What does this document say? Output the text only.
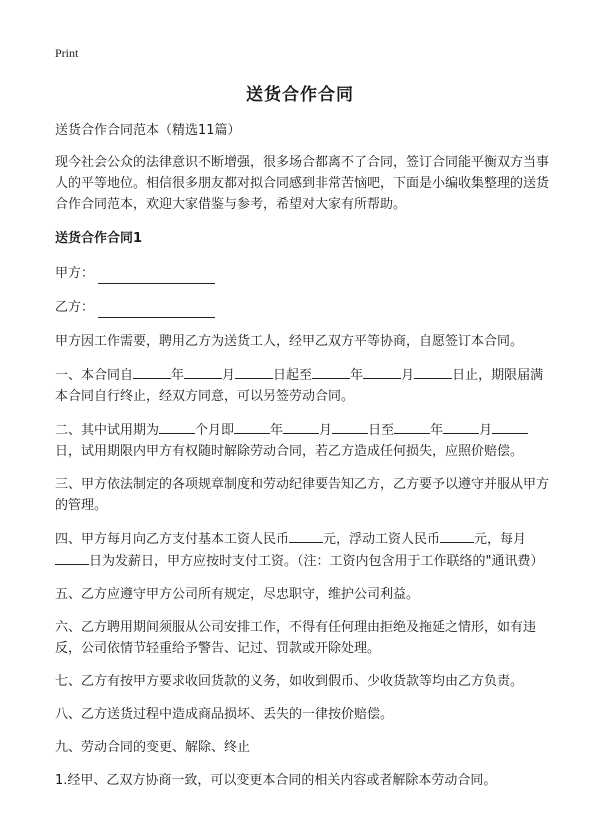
Print
送货合作合同

送货合作合同范本（精选11篇）

现今社会公众的法律意识不断增强，很多场合都离不了合同，签订合同能平衡双方当事人的平等地位。相信很多朋友都对拟合同感到非常苦恼吧，下面是小编收集整理的送货合作合同范本，欢迎大家借鉴与参考，希望对大家有所帮助。

送货合作合同1

甲方：

乙方：

甲方因工作需要，聘用乙方为送货工人，经甲乙双方平等协商，自愿签订本合同。

一、本合同自	年	月	日起至	年	月	日止，期限届满本合同自行终止，经双方同意，可以另签劳动合同。

二、其中试用期为	个月即	年	月	日至	年	月日，试用期限内甲方有权随时解除劳动合同，若乙方造成任何损失，应照价赔偿。

三、甲方依法制定的各项规章制度和劳动纪律要告知乙方，乙方要予以遵守并服从甲方的管理。

四、甲方每月向乙方支付基本工资人民币	元，浮动工资人民币	元，每月日为发薪日，甲方应按时支付工资。（注：工资内包含用于工作联络的"通讯费）

五、乙方应遵守甲方公司所有规定，尽忠职守，维护公司利益。

六、乙方聘用期间须服从公司安排工作，不得有任何理由拒绝及拖延之情形，如有违反，公司依情节轻重给予警告、记过、罚款或开除处理。

七、乙方有按甲方要求收回货款的义务，如收到假币、少收货款等均由乙方负责。

八、乙方送货过程中造成商品损坏、丢失的一律按价赔偿。

九、劳动合同的变更、解除、终止

1.经甲、乙双方协商一致，可以变更本合同的相关内容或者解除本劳动合同。
